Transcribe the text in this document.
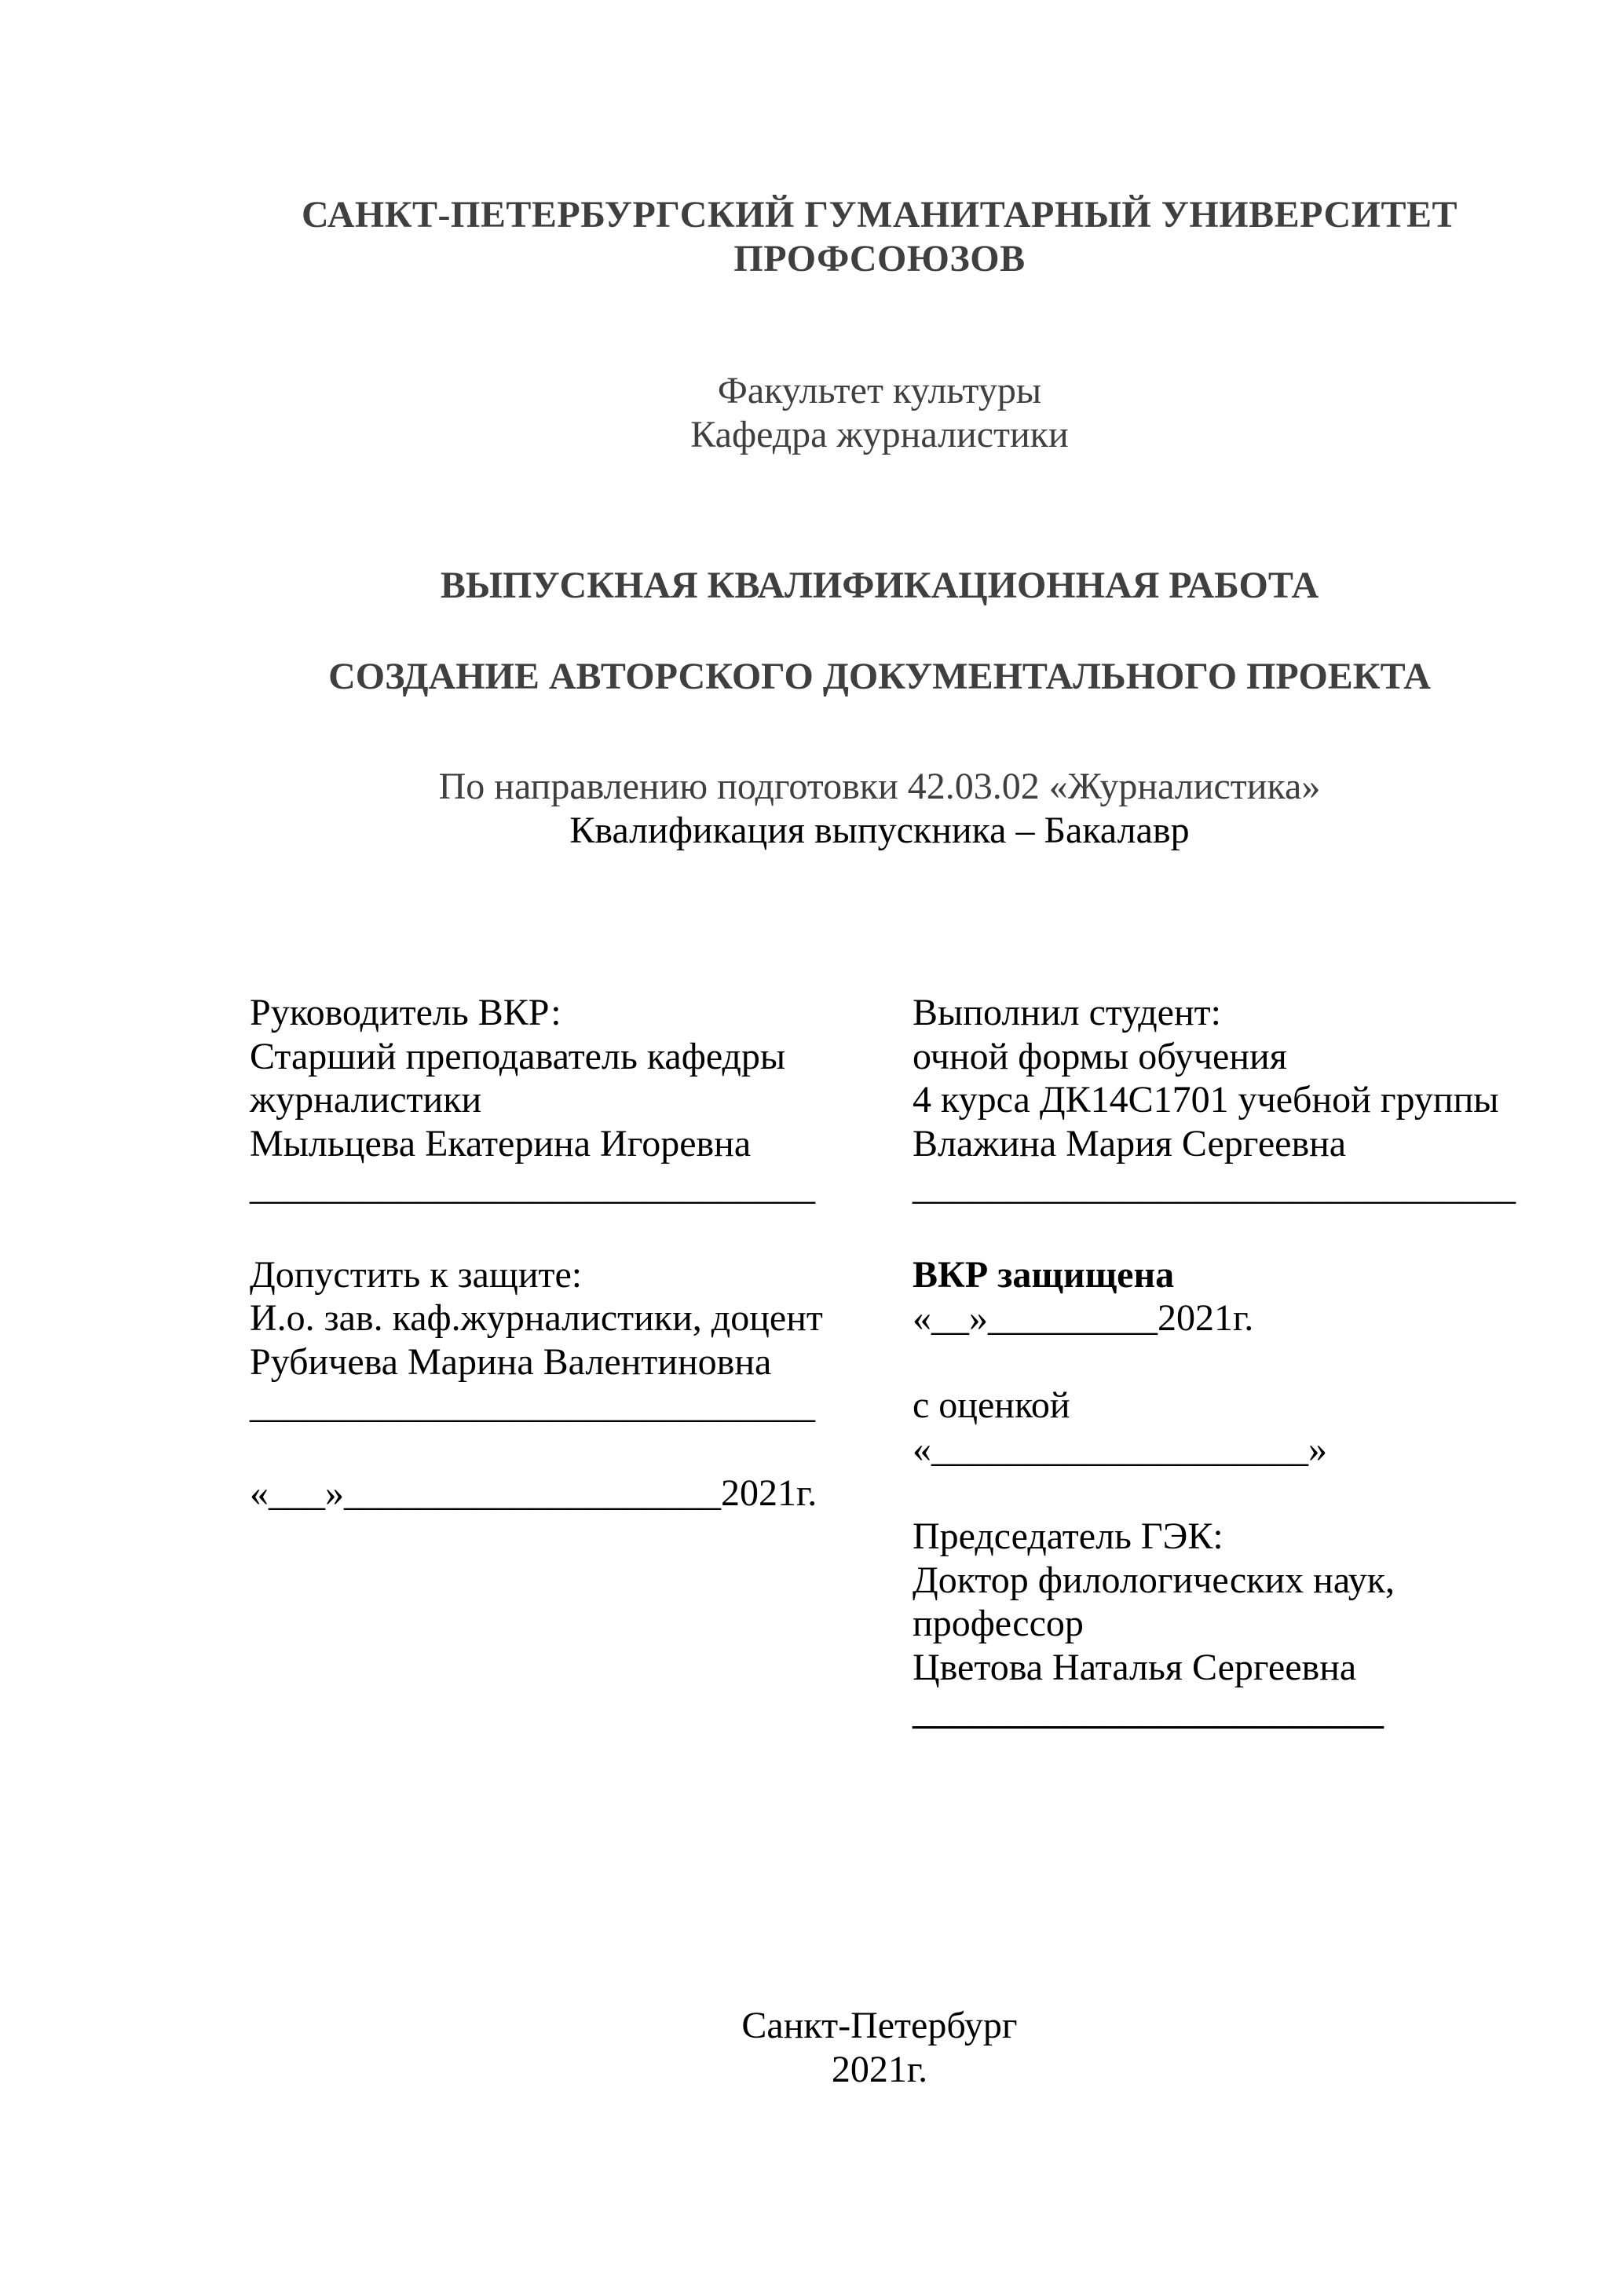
САНКТ-ПЕТЕРБУРГСКИЙ ГУМАНИТАРНЫЙ УНИВЕРСИТЕТ
ПРОФСОЮЗОВ
Факультет культуры
Кафедра журналистики
ВЫПУСКНАЯ КВАЛИФИКАЦИОННАЯ РАБОТА
СОЗДАНИЕ АВТОРСКОГО ДОКУМЕНТАЛЬНОГО ПРОЕКТА
По направлению подготовки 42.03.02 «Журналистика»
Квалификация выпускника – Бакалавр
Руководитель ВКР:
Старший преподаватель кафедры
журналистики
Мыльцева Екатерина Игоревна
______________________________
Допустить к защите:
И.о. зав. каф.журналистики, доцент
Рубичева Марина Валентиновна
______________________________
«___»____________________2021г.
Выполнил студент:
очной формы обучения
4 курса ДК14С1701 учебной группы
Влажина Мария Сергеевна
________________________________
ВКР защищена
«__»_________2021г.
с оценкой
«____________________»
Председатель ГЭК:
Доктор филологических наук,
профессор
Цветова Наталья Сергеевна
_________________________
Санкт-Петербург
2021г.
